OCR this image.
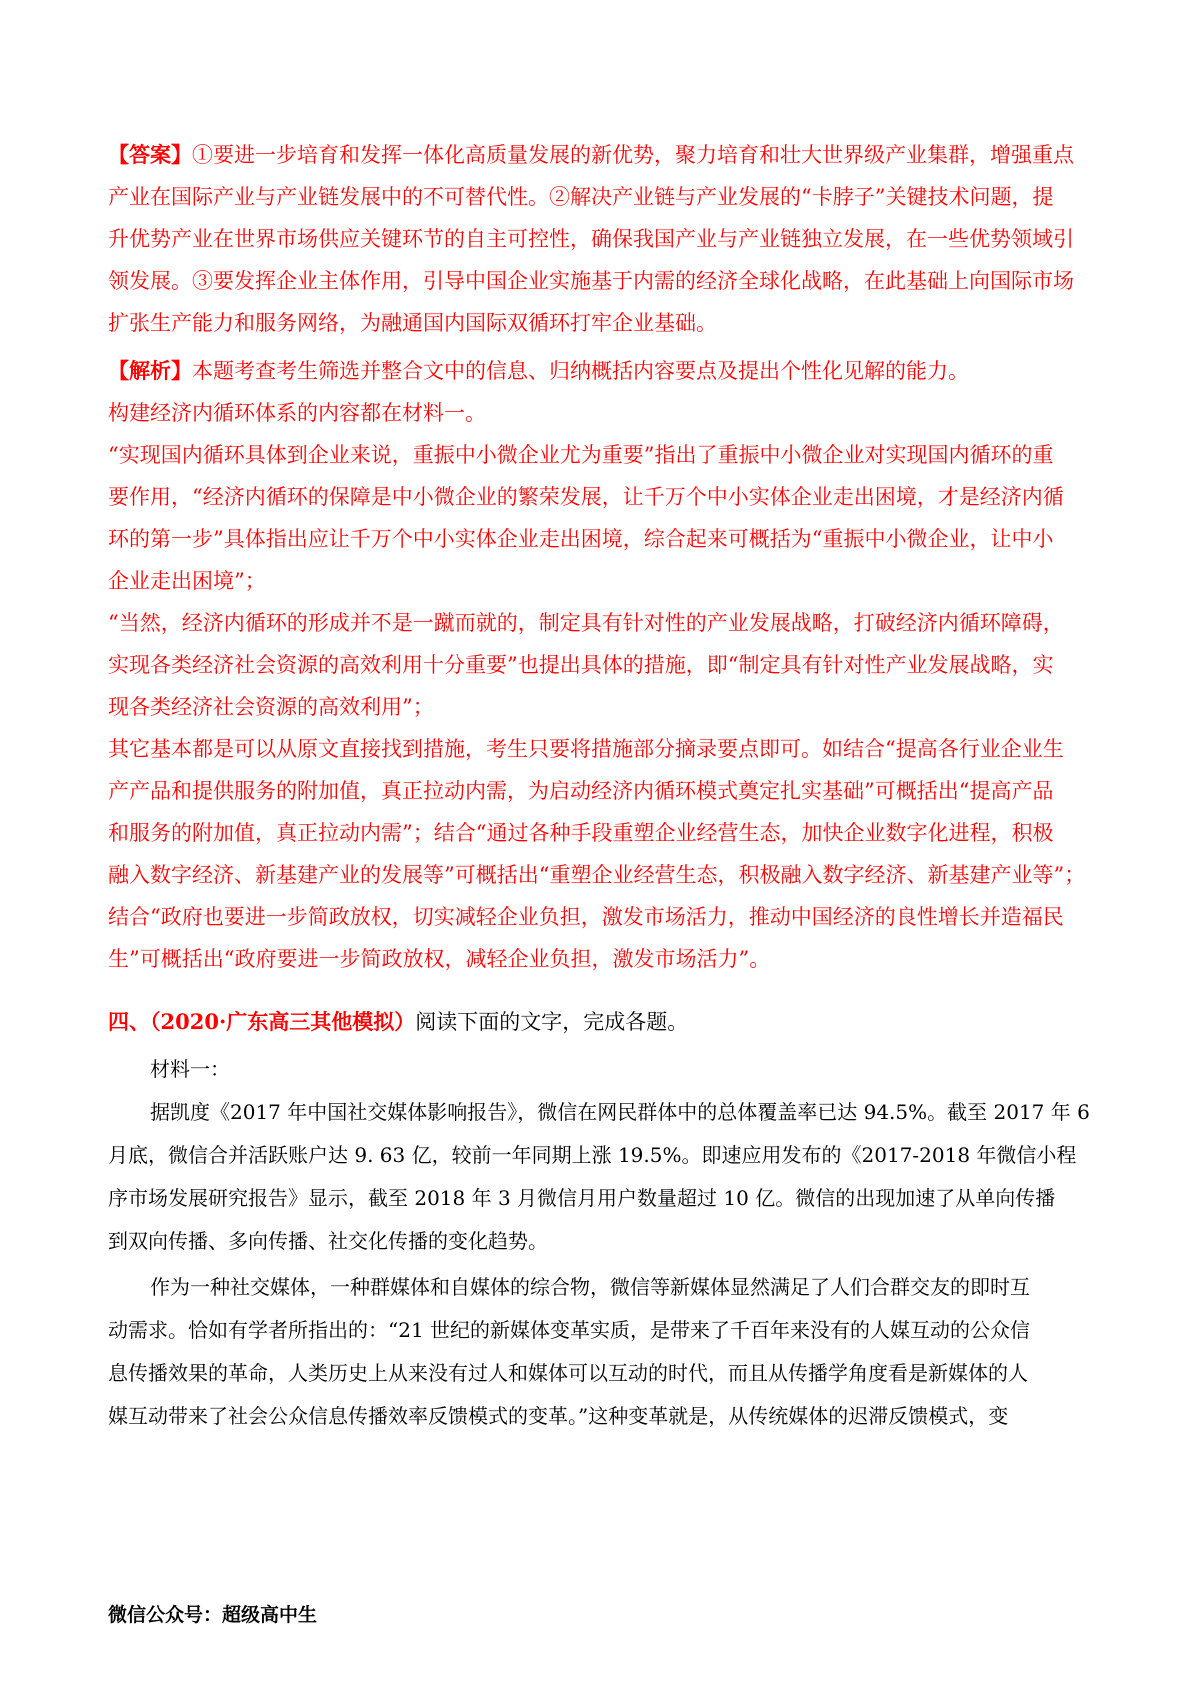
【答案】①要进一步培育和发挥一体化高质量发展的新优势，聚力培育和壮大世界级产业集群，增强重点
产业在国际产业与产业链发展中的不可替代性。②解决产业链与产业发展的“卡脖子”关键技术问题，提
升优势产业在世界市场供应关键环节的自主可控性，确保我国产业与产业链独立发展，在一些优势领域引
领发展。③要发挥企业主体作用，引导中国企业实施基于内需的经济全球化战略，在此基础上向国际市场
扩张生产能力和服务网络，为融通国内国际双循环打牢企业基础。
【解析】本题考查考生筛选并整合文中的信息、归纳概括内容要点及提出个性化见解的能力。
构建经济内循环体系的内容都在材料一。
“实现国内循环具体到企业来说，重振中小微企业尤为重要”指出了重振中小微企业对实现国内循环的重
要作用，“经济内循环的保障是中小微企业的繁荣发展，让千万个中小实体企业走出困境，才是经济内循
环的第一步”具体指出应让千万个中小实体企业走出困境，综合起来可概括为“重振中小微企业，让中小
企业走出困境”；
“当然，经济内循环的形成并不是一蹴而就的，制定具有针对性的产业发展战略，打破经济内循环障碍，
实现各类经济社会资源的高效利用十分重要”也提出具体的措施，即“制定具有针对性产业发展战略，实
现各类经济社会资源的高效利用”；
其它基本都是可以从原文直接找到措施，考生只要将措施部分摘录要点即可。如结合“提高各行业企业生
产产品和提供服务的附加值，真正拉动内需，为启动经济内循环模式奠定扎实基础”可概括出“提高产品
和服务的附加值，真正拉动内需”；结合“通过各种手段重塑企业经营生态，加快企业数字化进程，积极
融入数字经济、新基建产业的发展等”可概括出“重塑企业经营生态，积极融入数字经济、新基建产业等”；
结合“政府也要进一步简政放权，切实减轻企业负担，激发市场活力，推动中国经济的良性增长并造福民
生”可概括出“政府要进一步简政放权，减轻企业负担，激发市场活力”。
四、（2020·广东高三其他模拟）阅读下面的文字，完成各题。

材料一：

据凯度《2017 年中国社交媒体影响报告》，微信在网民群体中的总体覆盖率已达 94.5%。截至 2017 年 6
月底，微信合并活跃账户达 9. 63 亿，较前一年同期上涨 19.5%。即速应用发布的《2017-2018 年微信小程
序市场发展研究报告》显示，截至 2018 年 3 月微信月用户数量超过 10 亿。微信的出现加速了从单向传播
到双向传播、多向传播、社交化传播的变化趋势。

作为一种社交媒体，一种群媒体和自媒体的综合物，微信等新媒体显然满足了人们合群交友的即时互
动需求。恰如有学者所指出的：“21 世纪的新媒体变革实质，是带来了千百年来没有的人媒互动的公众信
息传播效果的革命，人类历史上从来没有过人和媒体可以互动的时代，而且从传播学角度看是新媒体的人
媒互动带来了社会公众信息传播效率反馈模式的变革。”这种变革就是，从传统媒体的迟滞反馈模式，变

微信公众号：超级高中生
